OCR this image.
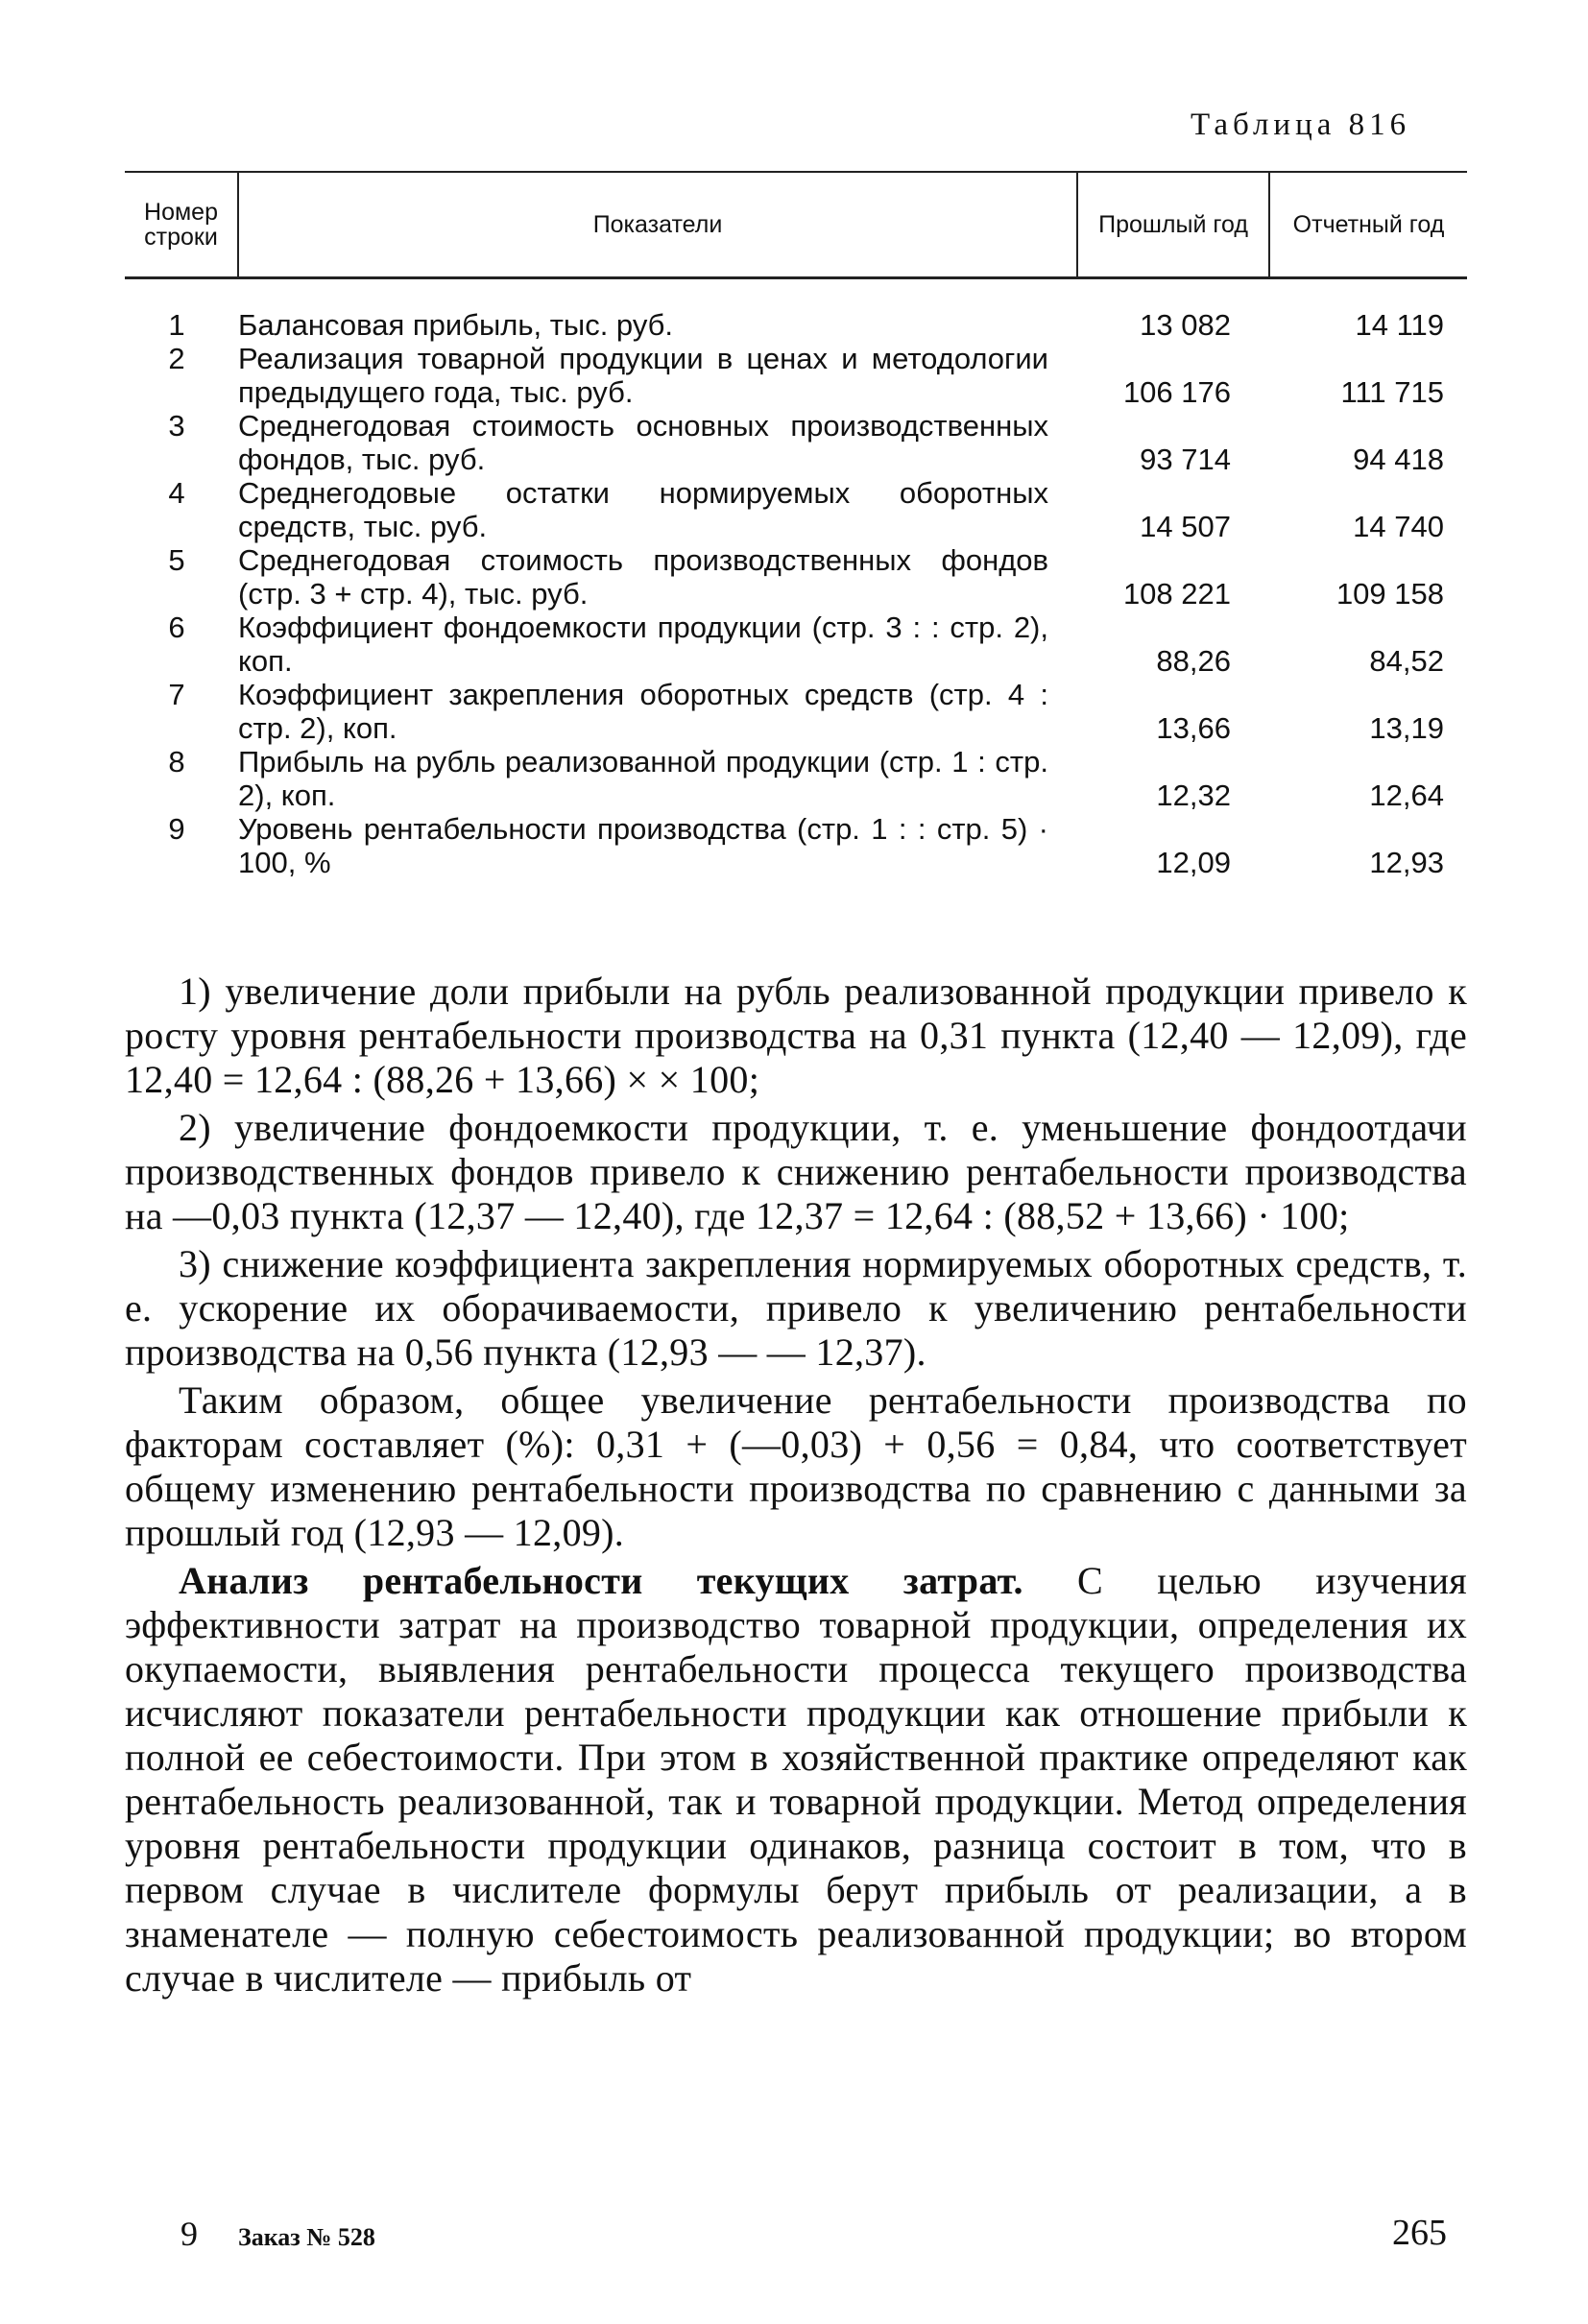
Таблица 816
Номер строки	Показатели	Прошлый год	Отчетный год
1	Балансовая прибыль, тыс. руб.	13 082	14 119
2	Реализация товарной продукции в ценах и методологии предыдущего года, тыс. руб.	106 176	111 715
3	Среднегодовая стоимость основных производственных фондов, тыс. руб.	93 714	94 418
4	Среднегодовые остатки нормируемых оборотных средств, тыс. руб.	14 507	14 740
5	Среднегодовая стоимость производственных фондов (стр. 3 + стр. 4), тыс. руб.	108 221	109 158
6	Коэффициент фондоемкости продукции (стр. 3 : : стр. 2), коп.	88,26	84,52
7	Коэффициент закрепления оборотных средств (стр. 4 : стр. 2), коп.	13,66	13,19
8	Прибыль на рубль реализованной продукции (стр. 1 : стр. 2), коп.	12,32	12,64
9	Уровень рентабельности производства (стр. 1 : : стр. 5) · 100, %	12,09	12,93

1) увеличение доли прибыли на рубль реализованной продукции привело к росту уровня рентабельности производства на 0,31 пункта (12,40 — 12,09), где 12,40 = 12,64 : (88,26 + 13,66) × × 100;

2) увеличение фондоемкости продукции, т. е. уменьшение фондоотдачи производственных фондов привело к снижению рентабельности производства на —0,03 пункта (12,37 — 12,40), где 12,37 = 12,64 : (88,52 + 13,66) · 100;

3) снижение коэффициента закрепления нормируемых оборотных средств, т. е. ускорение их оборачиваемости, привело к увеличению рентабельности производства на 0,56 пункта (12,93 — — 12,37).

Таким образом, общее увеличение рентабельности производства по факторам составляет (%): 0,31 + (—0,03) + 0,56 = 0,84, что соответствует общему изменению рентабельности производства по сравнению с данными за прошлый год (12,93 — 12,09).

Анализ рентабельности текущих затрат. С целью изучения эффективности затрат на производство товарной продукции, определения их окупаемости, выявления рентабельности процесса текущего производства исчисляют показатели рентабельности продукции как отношение прибыли к полной ее себестоимости. При этом в хозяйственной практике определяют как рентабельность реализованной, так и товарной продукции. Метод определения уровня рентабельности продукции одинаков, разница состоит в том, что в первом случае в числителе формулы берут прибыль от реализации, а в знаменателе — полную себестоимость реализованной продукции; во втором случае в числителе — прибыль от

9 Заказ № 528	265
